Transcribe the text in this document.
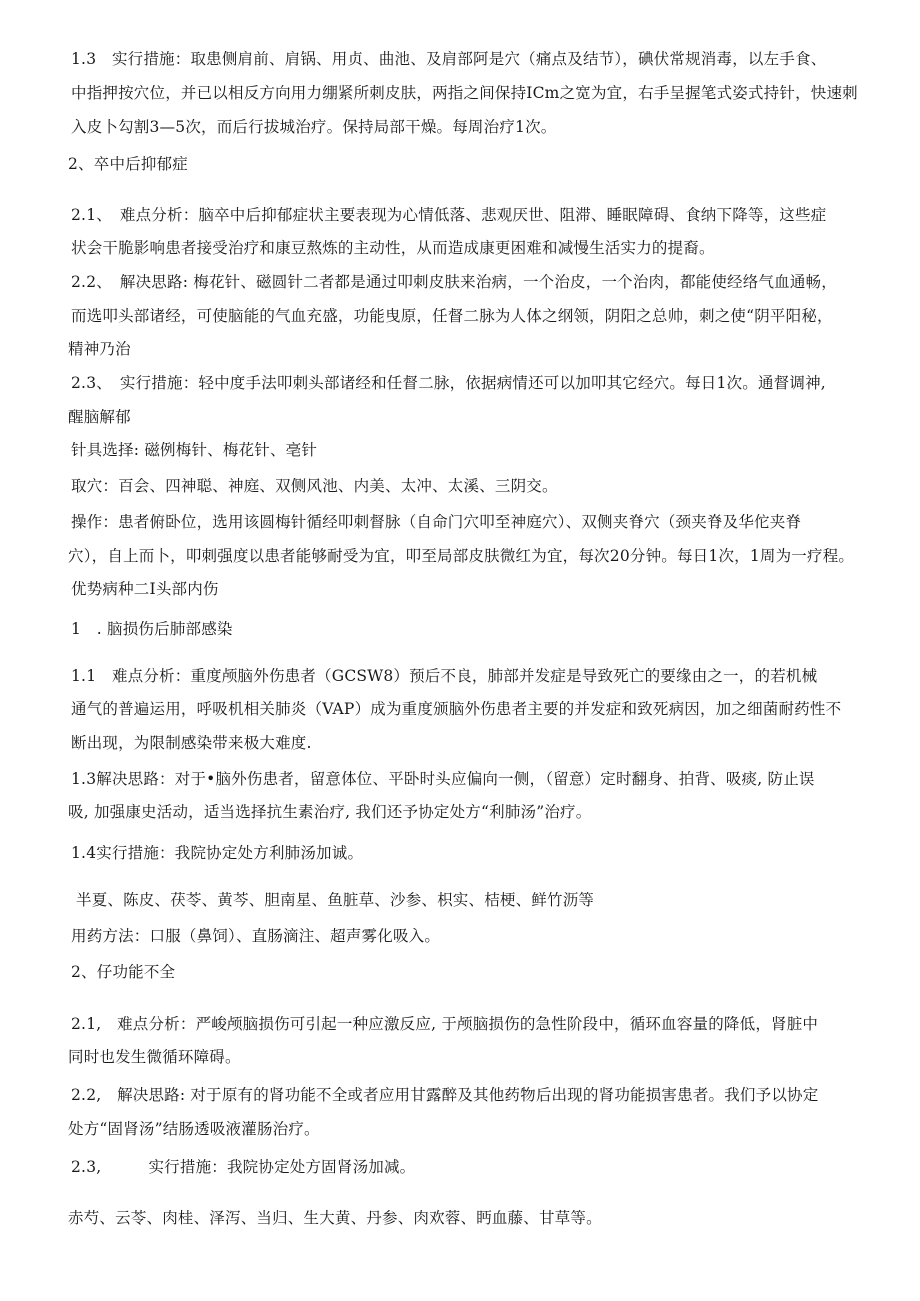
1.3　实行措施：取患侧肩前、肩锅、用贞、曲池、及肩部阿是穴（痛点及结节），碘伏常规消毒，以左手食、
中指押按穴位，并已以相反方向用力绷紧所刺皮肤，两指之间保持ICm之宽为宜，右手呈握笔式姿式持针，快速刺
入皮卜勾割3—5次，而后行拔城治疗。保持局部干燥。每周治疗1次。
2、卒中后抑郁症
2.1、　难点分析：脑卒中后抑郁症状主要表现为心情低落、悲观厌世、阻滞、睡眠障碍、食纳下降等，这些症
状会干脆影响患者接受治疗和康豆熬炼的主动性，从而造成康更困难和减慢生活实力的提裔。
2.2、　解决思路: 梅花针、磁圆针二者都是通过叩刺皮肤来治病，一个治皮，一个治肉，都能使经络气血通畅，
而选叩头部诸经，可使脑能的气血充盛，功能曳原，任督二脉为人体之纲领，阴阳之总帅，刺之使“阴平阳秘，
精神乃治
2.3、　实行措施：轻中度手法叩刺头部诸经和任督二脉，依据病情还可以加叩其它经穴。每日1次。通督调神,
醒脑解郁
针具选择: 磁例梅针、梅花针、亳针
取穴：百会、四神聪、神庭、双侧风池、内美、太冲、太溪、三阴交。
操作：患者俯卧位，选用该圆梅针循经叩刺督脉（自命门穴叩至神庭穴）、双侧夹脊穴（颈夹脊及华佗夹脊
穴），自上而卜，叩刺强度以患者能够耐受为宜，叩至局部皮肤微红为宜，每次20分钟。每日1次，1周为一疗程。
优势病种二I头部内伤
1　. 脑损伤后肺部感染
1.1　难点分析：重度颅脑外伤患者（GCSW8）预后不良，肺部并发症是导致死亡的要缘由之一，的若机械
通气的普遍运用，呼吸机相关肺炎（VAP）成为重度颁脑外伤患者主要的并发症和致死病因，加之细菌耐药性不
断出现，为限制感染带来极大难度.
1.3解决思路：对于•脑外伤患者，留意体位、平卧时头应偏向一侧，（留意）定时翻身、拍背、吸痰, 防止误
吸, 加强康史活动，适当选择抗生素治疗, 我们还予协定处方“利肺汤”治疗。
1.4实行措施：我院协定处方利肺汤加诚。
半夏、陈皮、茯苓、黄芩、胆南星、鱼脏草、沙参、枳实、桔梗、鲜竹沥等
用药方法：口服（鼻饲）、直肠滴注、超声雾化吸入。
2、仔功能不全
2.1,　难点分析：严峻颅脑损伤可引起一种应激反应, 于颅脑损伤的急性阶段中，循环血容量的降低，肾脏中
同时也发生微循环障碍。
2.2,　解决思路: 对于原有的肾功能不全或者应用甘露醉及其他药物后出现的肾功能损害患者。我们予以协定
处方“固肾汤”结肠透吸液灌肠治疗。
2.3,　　　实行措施：我院协定处方固肾汤加减。
赤芍、云苓、肉桂、泽泻、当归、生大黄、丹参、肉欢蓉、眄血藤、甘草等。
